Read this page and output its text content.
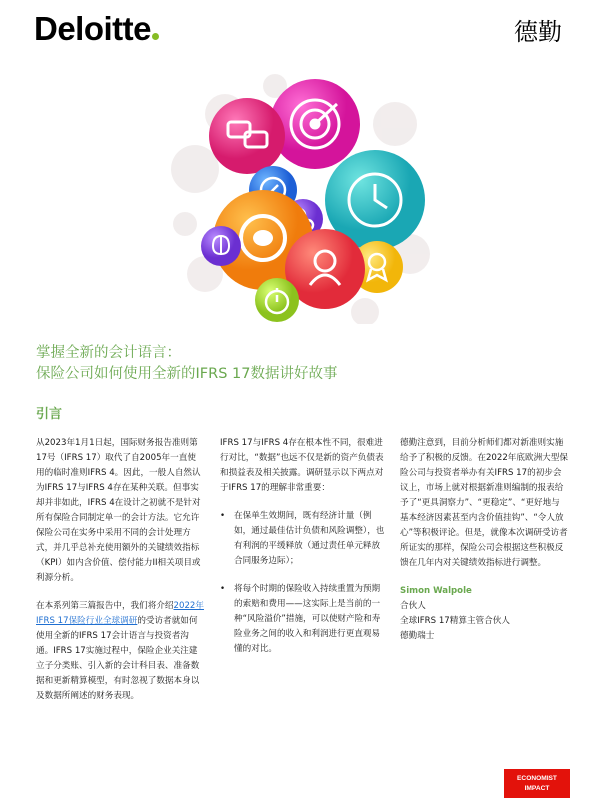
Deloitte	德勤
掌握全新的会计语言：
保险公司如何使用全新的IFRS 17数据讲好故事
引言

从2023年1月1日起，国际财务报告准则第17号（IFRS 17）取代了自2005年一直使用的临时准则IFRS 4。因此，一般人自然认为IFRS 17与IFRS 4存在某种关联。但事实却并非如此，IFRS 4在设计之初就不是针对所有保险合同制定单一的会计方法。它允许保险公司在实务中采用不同的会计处理方式，并几乎总补充使用额外的关键绩效指标（KPI）如内含价值、偿付能力II相关项目或利源分析。

在本系列第三篇报告中，我们将介绍2022年IFRS 17保险行业全球调研的受访者就如何使用全新的IFRS 17会计语言与投资者沟通。IFRS 17实施过程中，保险企业关注建立子分类账、引入新的会计科目表、准备数据和更新精算模型，有时忽视了数据本身以及数据所阐述的财务表现。

IFRS 17与IFRS 4存在根本性不同，很难进行对比，“数据”也远不仅是新的资产负债表和损益表及相关披露。调研显示以下两点对于IFRS 17的理解非常重要：

• 在保单生效期间，既有经济计量（例如，通过最佳估计负债和风险调整），也有利润的平缓释放（通过责任单元释放合同服务边际）；
• 将每个时期的保险收入持续重置为预期的索赔和费用——这实际上是当前的一种“风险溢价”措施，可以使财产险和寿险业务之间的收入和利润进行更直观易懂的对比。

德勤注意到，目前分析师们都对新准则实施给予了积极的反馈。在2022年底欧洲大型保险公司与投资者举办有关IFRS 17的初步会议上，市场上就对根据新准则编制的报表给予了“更具洞察力”、“更稳定”、“更好地与基本经济因素甚至内含价值挂钩”、“令人放心”等积极评论。但是，就像本次调研受访者所证实的那样，保险公司会根据这些积极反馈在几年内对关键绩效指标进行调整。

Simon Walpole
合伙人
全球IFRS 17精算主管合伙人
德勤瑞士
ECONOMIST
IMPACT
